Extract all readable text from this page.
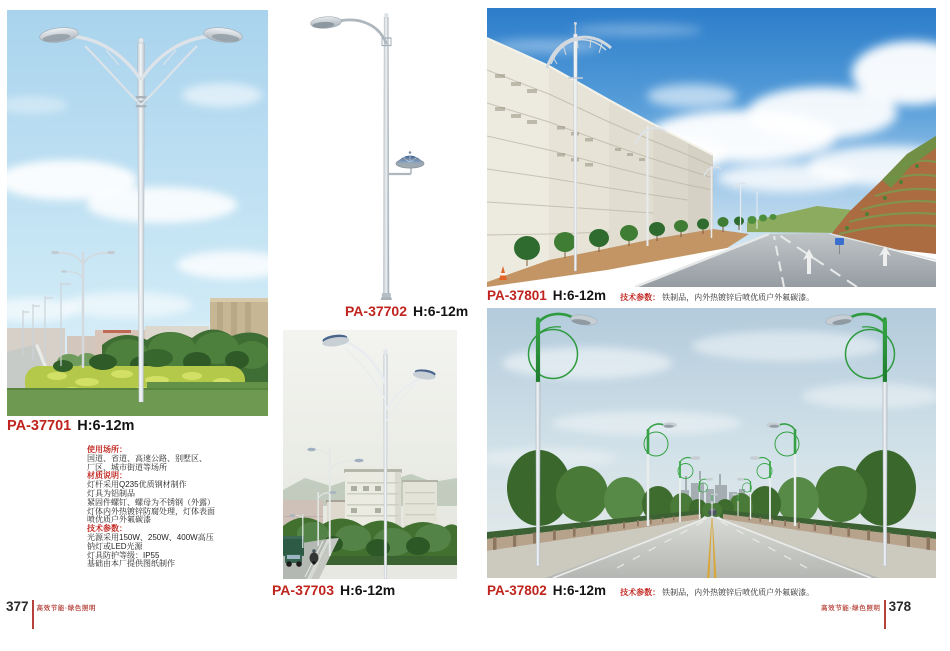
PA-37701 H:6-12m
使用场所：
国道、省道、高速公路、别墅区、
厂区、城市街道等场所
材质说明：
灯杆采用Q235优质钢材制作
灯具为铝制品
紧固件螺钉、螺母为不锈钢（外露）
灯体内外热镀锌防腐处理，灯体表面
喷优质户外氟碳漆
技术参数：
光源采用150W、250W、400W高压
钠灯或LED光源
灯具防护等级：IP55
基础由本厂提供图纸制作
PA-37702 H:6-12m
PA-37703 H:6-12m
PA-37801 H:6-12m 技术参数： 铁制品，内外热镀锌后喷优质户外氟碳漆。
PA-37802 H:6-12m 技术参数： 铁制品，内外热镀锌后喷优质户外氟碳漆。
377 高效节能·绿色照明	高效节能·绿色照明 378
